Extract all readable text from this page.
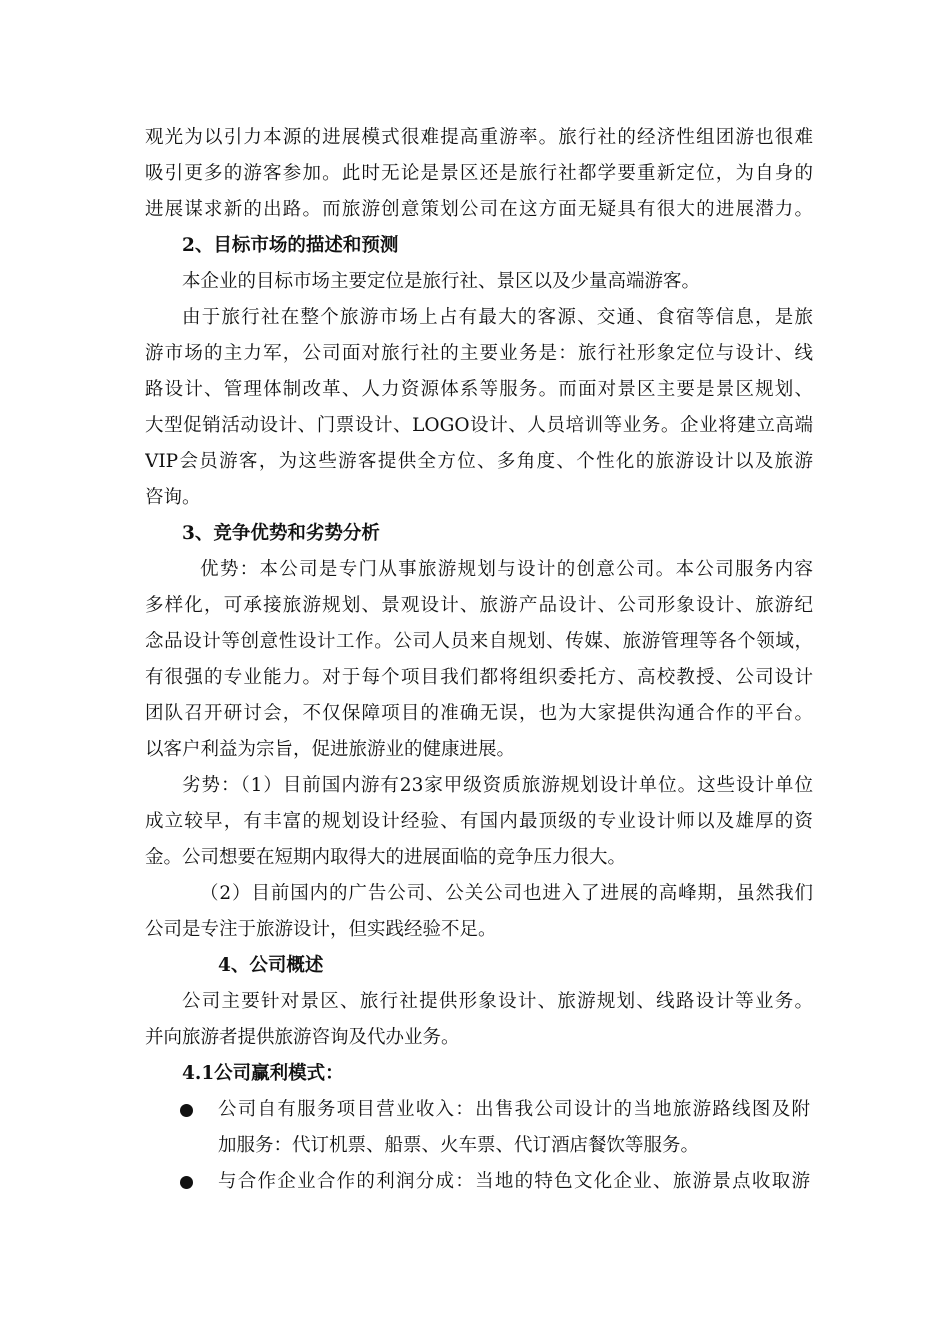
观光为以引力本源的进展模式很难提高重游率。旅行社的经济性组团游也很难
吸引更多的游客参加。此时无论是景区还是旅行社都学要重新定位，为自身的
进展谋求新的出路。而旅游创意策划公司在这方面无疑具有很大的进展潜力。
2、目标市场的描述和预测
本企业的目标市场主要定位是旅行社、景区以及少量高端游客。
由于旅行社在整个旅游市场上占有最大的客源、交通、食宿等信息，是旅
游市场的主力军，公司面对旅行社的主要业务是：旅行社形象定位与设计、线
路设计、管理体制改革、人力资源体系等服务。而面对景区主要是景区规划、
大型促销活动设计、门票设计、LOGO设计、人员培训等业务。企业将建立高端
VIP会员游客，为这些游客提供全方位、多角度、个性化的旅游设计以及旅游
咨询。
3、竞争优势和劣势分析
优势：本公司是专门从事旅游规划与设计的创意公司。本公司服务内容
多样化，可承接旅游规划、景观设计、旅游产品设计、公司形象设计、旅游纪
念品设计等创意性设计工作。公司人员来自规划、传媒、旅游管理等各个领域，
有很强的专业能力。对于每个项目我们都将组织委托方、高校教授、公司设计
团队召开研讨会，不仅保障项目的准确无误，也为大家提供沟通合作的平台。
以客户利益为宗旨，促进旅游业的健康进展。
劣势：（1）目前国内游有23家甲级资质旅游规划设计单位。这些设计单位
成立较早，有丰富的规划设计经验、有国内最顶级的专业设计师以及雄厚的资
金。公司想要在短期内取得大的进展面临的竞争压力很大。
（2）目前国内的广告公司、公关公司也进入了进展的高峰期，虽然我们
公司是专注于旅游设计，但实践经验不足。
4、公司概述
公司主要针对景区、旅行社提供形象设计、旅游规划、线路设计等业务。
并向旅游者提供旅游咨询及代办业务。
4.1公司赢利模式：
公司自有服务项目营业收入：出售我公司设计的当地旅游路线图及附
加服务：代订机票、船票、火车票、代订酒店餐饮等服务。
与合作企业合作的利润分成：当地的特色文化企业、旅游景点收取游
